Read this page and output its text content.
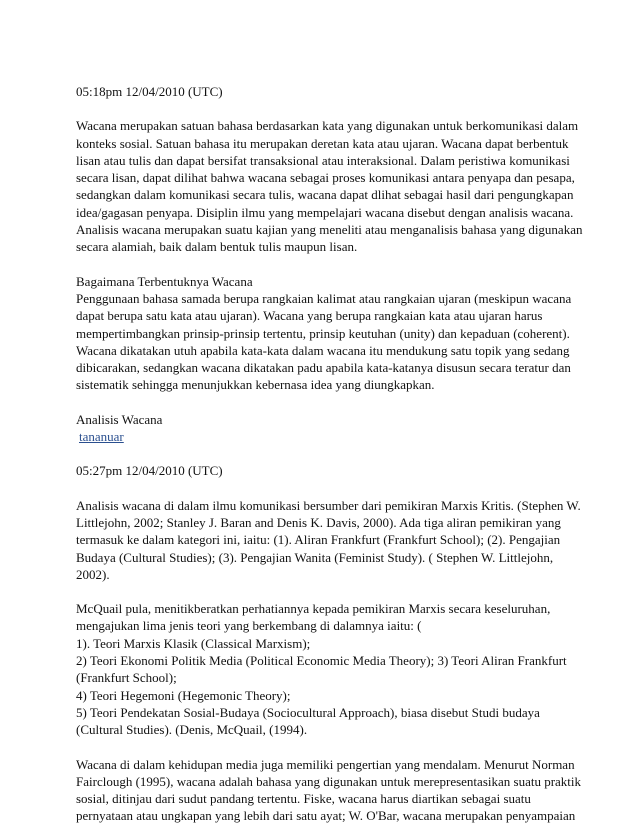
05:18pm 12/04/2010 (UTC)

Wacana merupakan satuan bahasa berdasarkan kata yang digunakan untuk berkomunikasi dalam
konteks sosial. Satuan bahasa itu merupakan deretan kata atau ujaran. Wacana dapat berbentuk
lisan atau tulis dan dapat bersifat transaksional atau interaksional. Dalam peristiwa komunikasi
secara lisan, dapat dilihat bahwa wacana sebagai proses komunikasi antara penyapa dan pesapa,
sedangkan dalam komunikasi secara tulis, wacana dapat dlihat sebagai hasil dari pengungkapan
idea/gagasan penyapa. Disiplin ilmu yang mempelajari wacana disebut dengan analisis wacana.
Analisis wacana merupakan suatu kajian yang meneliti atau menganalisis bahasa yang digunakan
secara alamiah, baik dalam bentuk tulis maupun lisan.

Bagaimana Terbentuknya Wacana
Penggunaan bahasa samada berupa rangkaian kalimat atau rangkaian ujaran (meskipun wacana
dapat berupa satu kata atau ujaran). Wacana yang berupa rangkaian kata atau ujaran harus
mempertimbangkan prinsip-prinsip tertentu, prinsip keutuhan (unity) dan kepaduan (coherent).
Wacana dikatakan utuh apabila kata-kata dalam wacana itu mendukung satu topik yang sedang
dibicarakan, sedangkan wacana dikatakan padu apabila kata-katanya disusun secara teratur dan
sistematik sehingga menunjukkan kebernasa idea yang diungkapkan.

Analisis Wacana
tananuar

05:27pm 12/04/2010 (UTC)

Analisis wacana di dalam ilmu komunikasi bersumber dari pemikiran Marxis Kritis. (Stephen W.
Littlejohn, 2002; Stanley J. Baran and Denis K. Davis, 2000). Ada tiga aliran pemikiran yang
termasuk ke dalam kategori ini, iaitu: (1). Aliran Frankfurt (Frankfurt School); (2). Pengajian
Budaya (Cultural Studies); (3). Pengajian Wanita (Feminist Study). ( Stephen W. Littlejohn,
2002).

McQuail pula, menitikberatkan perhatiannya kepada pemikiran Marxis secara keseluruhan,
mengajukan lima jenis teori yang berkembang di dalamnya iaitu: (
1). Teori Marxis Klasik (Classical Marxism);
2) Teori Ekonomi Politik Media (Political Economic Media Theory); 3) Teori Aliran Frankfurt
(Frankfurt School);
4) Teori Hegemoni (Hegemonic Theory);
5) Teori Pendekatan Sosial-Budaya (Sociocultural Approach), biasa disebut Studi budaya
(Cultural Studies). (Denis, McQuail, (1994).

Wacana di dalam kehidupan media juga memiliki pengertian yang mendalam. Menurut Norman
Fairclough (1995), wacana adalah bahasa yang digunakan untuk merepresentasikan suatu praktik
sosial, ditinjau dari sudut pandang tertentu. Fiske, wacana harus diartikan sebagai suatu
pernyataan atau ungkapan yang lebih dari satu ayat; W. O'Bar, wacana merupakan penyampaian
